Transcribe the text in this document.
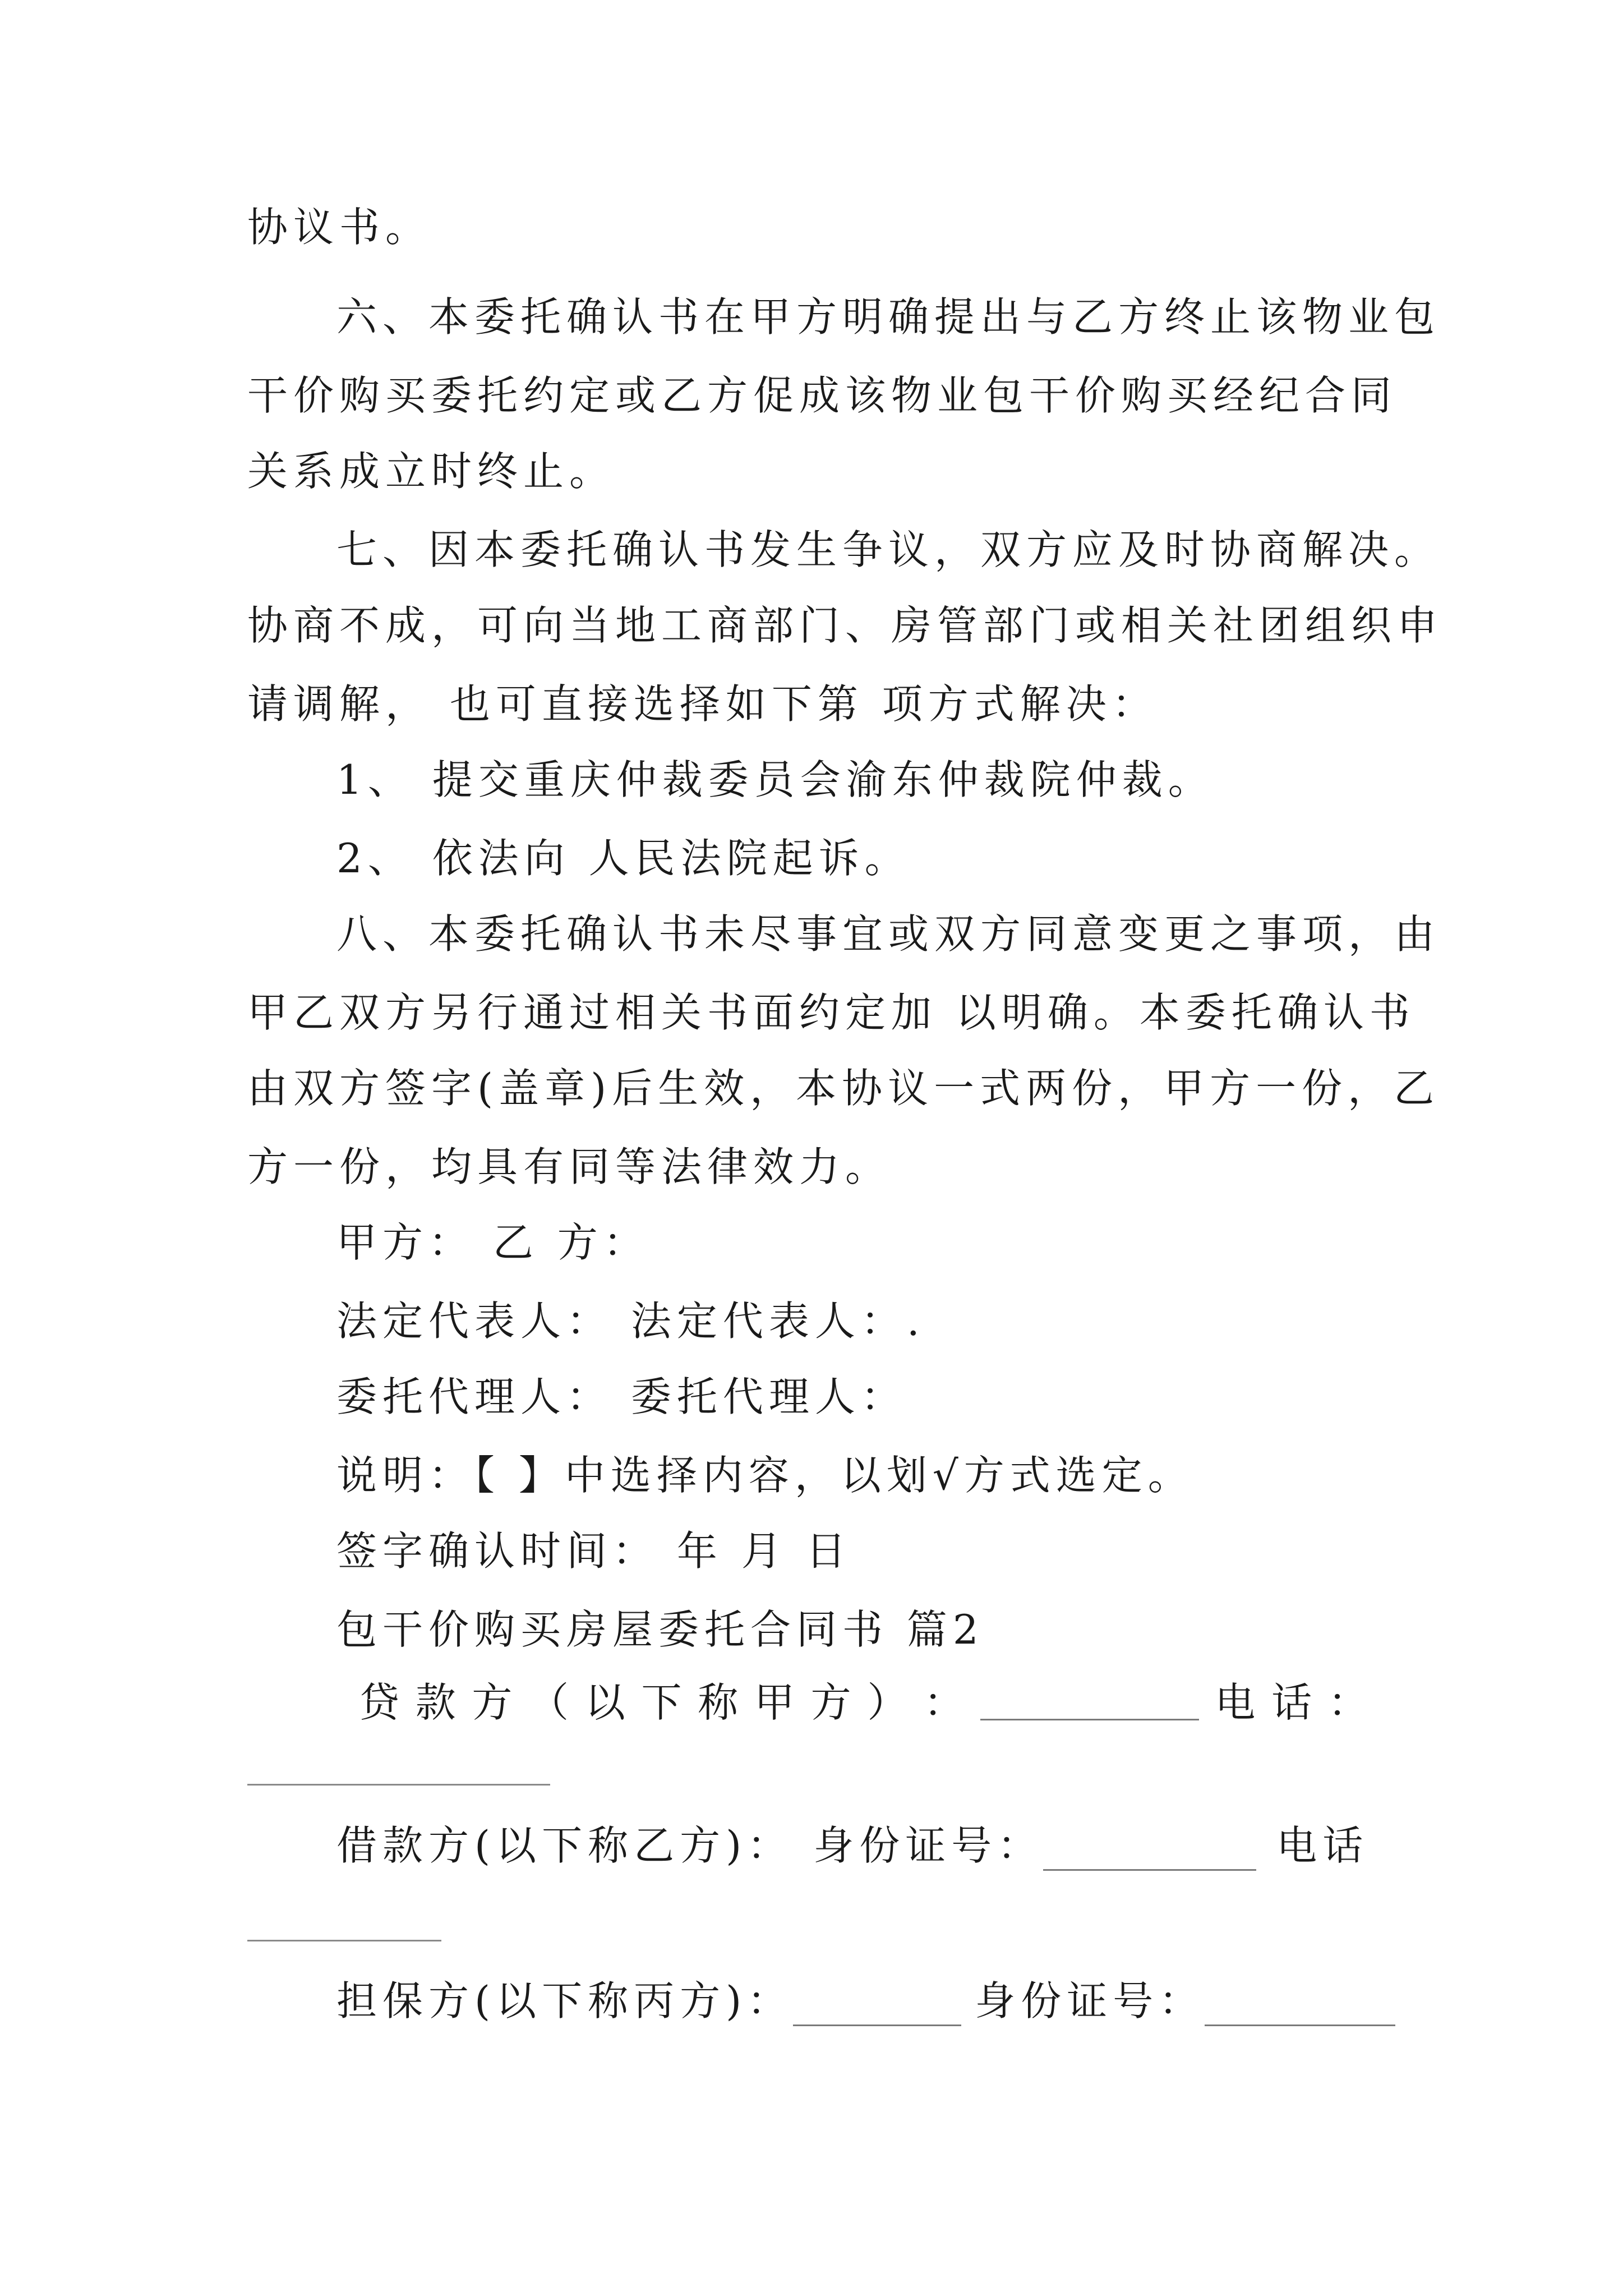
协议书。
六、本委托确认书在甲方明确提出与乙方终止该物业包
干价购买委托约定或乙方促成该物业包干价购买经纪合同
关系成立时终止。
七、因本委托确认书发生争议，双方应及时协商解决。
协商不成，可向当地工商部门、房管部门或相关社团组织申
请调解， 也可直接选择如下第 项方式解决：
1、 提交重庆仲裁委员会渝东仲裁院仲裁。
2、 依法向 人民法院起诉。
八、本委托确认书未尽事宜或双方同意变更之事项，由
甲乙双方另行通过相关书面约定加 以明确。本委托确认书
由双方签字(盖章)后生效，本协议一式两份，甲方一份，乙
方一份，均具有同等法律效力。
甲方： 乙 方：
法定代表人： 法定代表人：.
委托代理人： 委托代理人：
说明：【 】中选择内容，以划√方式选定。
签字确认时间： 年 月 日
包干价购买房屋委托合同书 篇2
贷 款 方 （ 以 下 称 甲 方 ） ：	电 话 ：
借款方(以下称乙方)： 身份证号：	电话
担保方(以下称丙方)：	身份证号：
